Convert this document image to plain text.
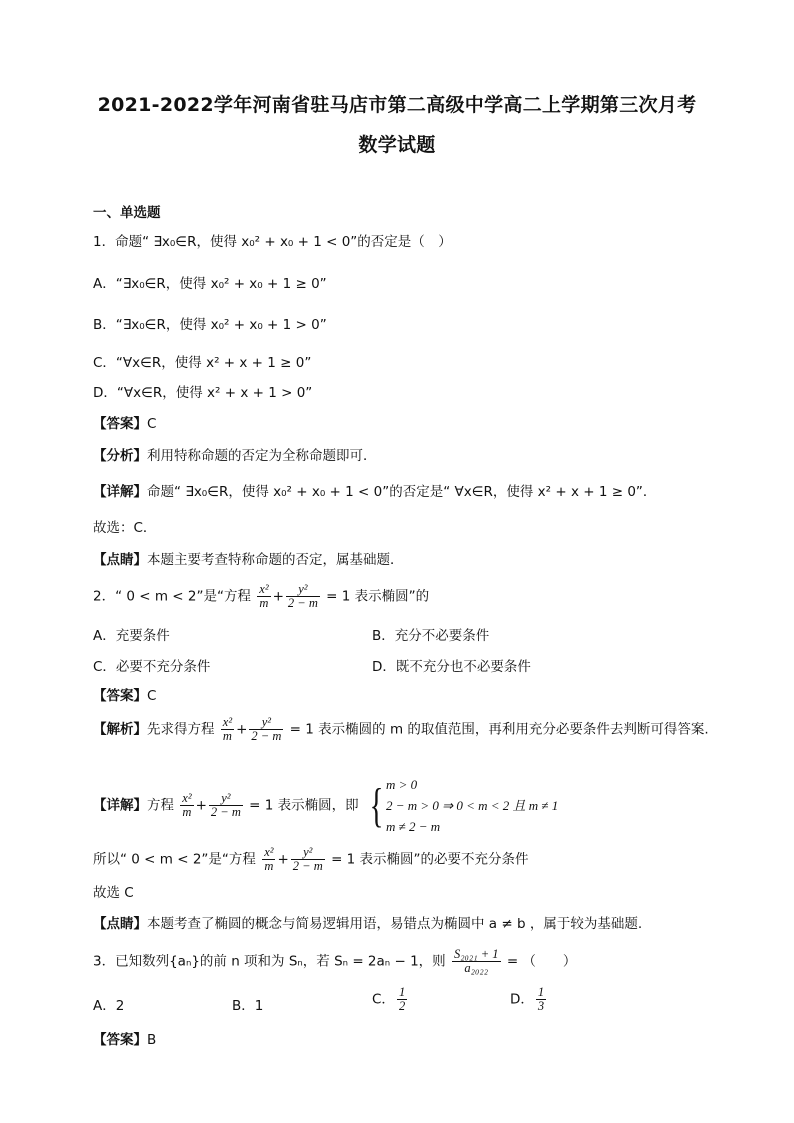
2021-2022学年河南省驻马店市第二高级中学高二上学期第三次月考
数学试题
一、单选题
1．命题“ ∃x₀∈R，使得 x₀² + x₀ + 1 < 0”的否定是（　）
A．“∃x₀∈R，使得 x₀² + x₀ + 1 ≥ 0”
B．“∃x₀∈R，使得 x₀² + x₀ + 1 > 0”
C．“∀x∈R，使得 x² + x + 1 ≥ 0”
D．“∀x∈R，使得 x² + x + 1 > 0”
【答案】C
【分析】利用特称命题的否定为全称命题即可．
【详解】命题“ ∃x₀∈R，使得 x₀² + x₀ + 1 < 0”的否定是“ ∀x∈R，使得 x² + x + 1 ≥ 0”．
故选：C．
【点睛】本题主要考查特称命题的否定，属基础题．
2．“ 0 < m < 2”是“方程 $\frac{\text{x²}}{m} + \frac{\text{y²}}{2 - m} = 1$ 表示椭圆”的
A．充要条件	B．充分不必要条件
C．必要不充分条件	D．既不充分也不必要条件
【答案】C
【解析】先求得方程 $\frac{\text{x²}}{m} + \frac{\text{y²}}{2 - m} = 1$ 表示椭圆的 m 的取值范围，再利用充分必要条件去判断可得答案.
【详解】方程 $\frac{\text{x²}}{m} + \frac{\text{y²}}{2 - m} = 1$ 表示椭圆，即 { m > 0
2 − m > 0 ⇒ 0 < m < 2 且 m ≠ 1
m ≠ 2 − m
所以“ 0 < m < 2”是“方程 $\frac{\text{x²}}{m} + \frac{\text{y²}}{2 - m} = 1$ 表示椭圆”的必要不充分条件
故选 C
【点睛】本题考查了椭圆的概念与简易逻辑用语，易错点为椭圆中 a ≠ b ，属于较为基础题.
3．已知数列{aₙ}的前 n 项和为 Sₙ，若 Sₙ = 2aₙ − 1，则 $\frac{\text{S₂₀₂₁ + 1}}{\text{a₂₀₂₂}}$ = （　　）
A．2	B．1	C． $\frac{1}{2}$	D． $\frac{1}{3}$
【答案】B
